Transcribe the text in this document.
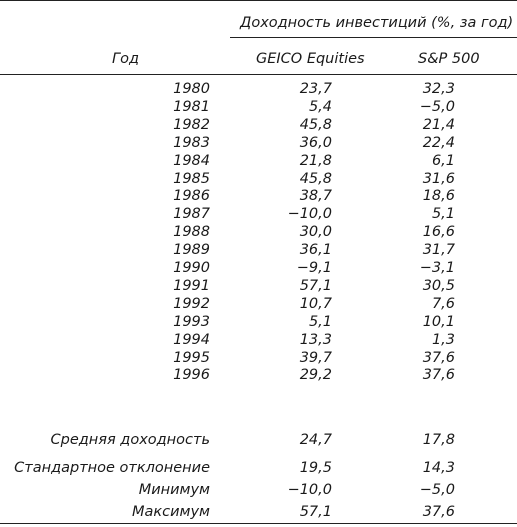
Доходность инвестиций (%, за год)
Год	GEICO Equities	S&P 500
1980	23,7	32,3
1981	5,4	−5,0
1982	45,8	21,4
1983	36,0	22,4
1984	21,8	6,1
1985	45,8	31,6
1986	38,7	18,6
1987	−10,0	5,1
1988	30,0	16,6
1989	36,1	31,7
1990	−9,1	−3,1
1991	57,1	30,5
1992	10,7	7,6
1993	5,1	10,1
1994	13,3	1,3
1995	39,7	37,6
1996	29,2	37,6
Средняя доходность	24,7	17,8
Стандартное отклонение	19,5	14,3
Минимум	−10,0	−5,0
Максимум	57,1	37,6
